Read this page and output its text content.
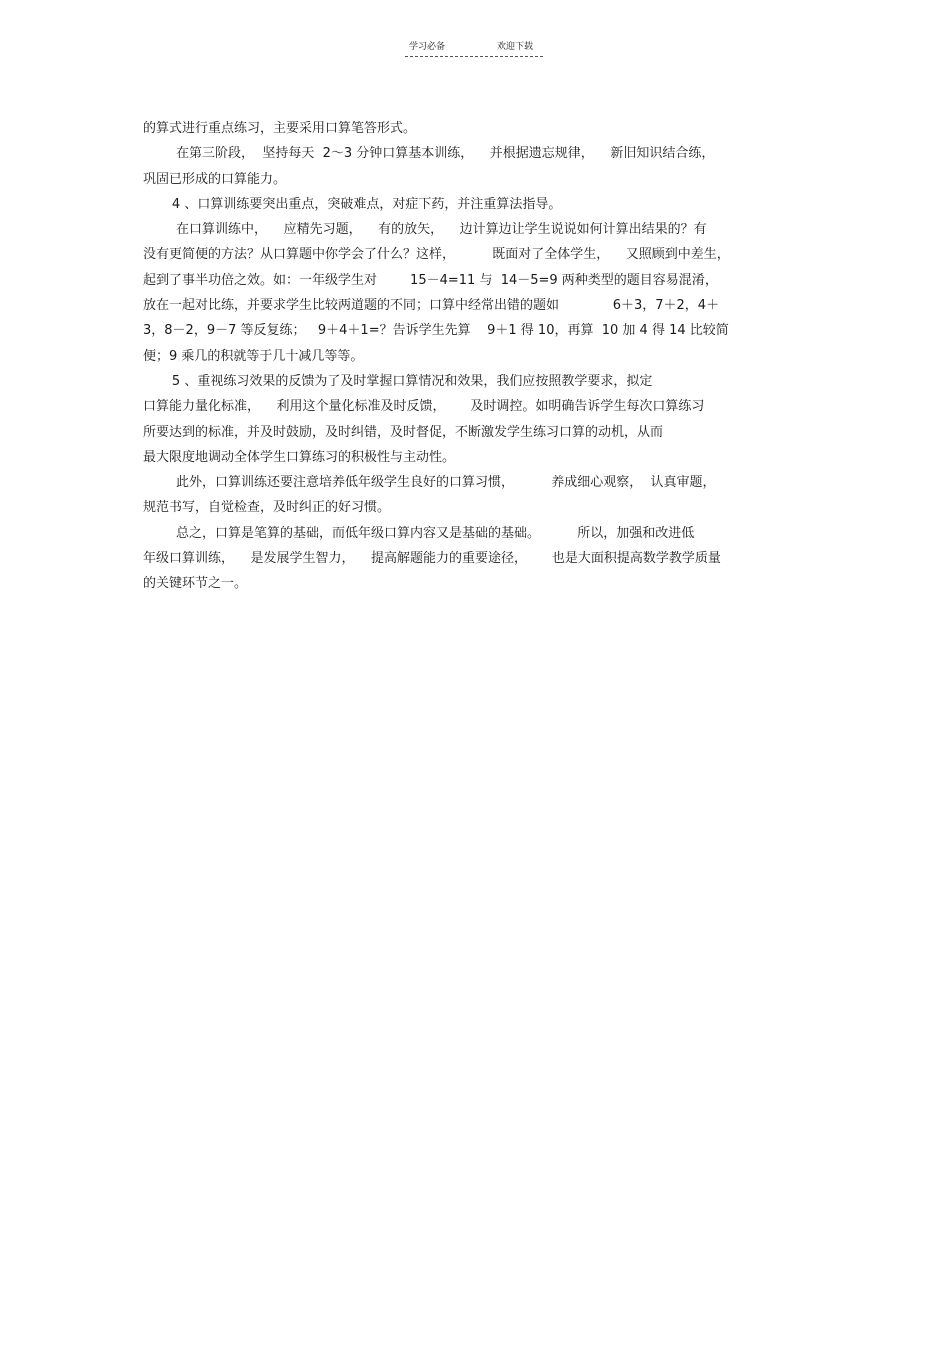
学习必备	欢迎下载
的算式进行重点练习，主要采用口算笔答形式。
在第三阶段，  坚持每天  2～3 分钟口算基本训练，    并根据遗忘规律，    新旧知识结合练，
巩固已形成的口算能力。
4 、口算训练要突出重点，突破难点，对症下药，并注重算法指导。
在口算训练中，    应精先习题，    有的放矢，    边计算边让学生说说如何计算出结果的？有
没有更简便的方法？从口算题中你学会了什么？这样，         既面对了全体学生，    又照顾到中差生，
起到了事半功倍之效。如：一年级学生对        15－4=11 与  14－5=9 两种类型的题目容易混淆，
放在一起对比练，并要求学生比较两道题的不同；口算中经常出错的题如             6＋3，7＋2，4＋
3，8－2，9－7 等反复练；   9＋4＋1=？告诉学生先算    9＋1 得 10，再算  10 加 4 得 14 比较简
便；9 乘几的积就等于几十减几等等。
5 、重视练习效果的反馈为了及时掌握口算情况和效果，我们应按照教学要求，拟定
口算能力量化标准，    利用这个量化标准及时反馈，      及时调控。如明确告诉学生每次口算练习
所要达到的标准，并及时鼓励，及时纠错，及时督促，不断激发学生练习口算的动机，从而
最大限度地调动全体学生口算练习的积极性与主动性。
此外，口算训练还要注意培养低年级学生良好的口算习惯，         养成细心观察，  认真审题，
规范书写，自觉检查，及时纠正的好习惯。
总之，口算是笔算的基础，而低年级口算内容又是基础的基础。         所以，加强和改进低
年级口算训练，    是发展学生智力，    提高解题能力的重要途径，      也是大面积提高数学教学质量
的关键环节之一。
